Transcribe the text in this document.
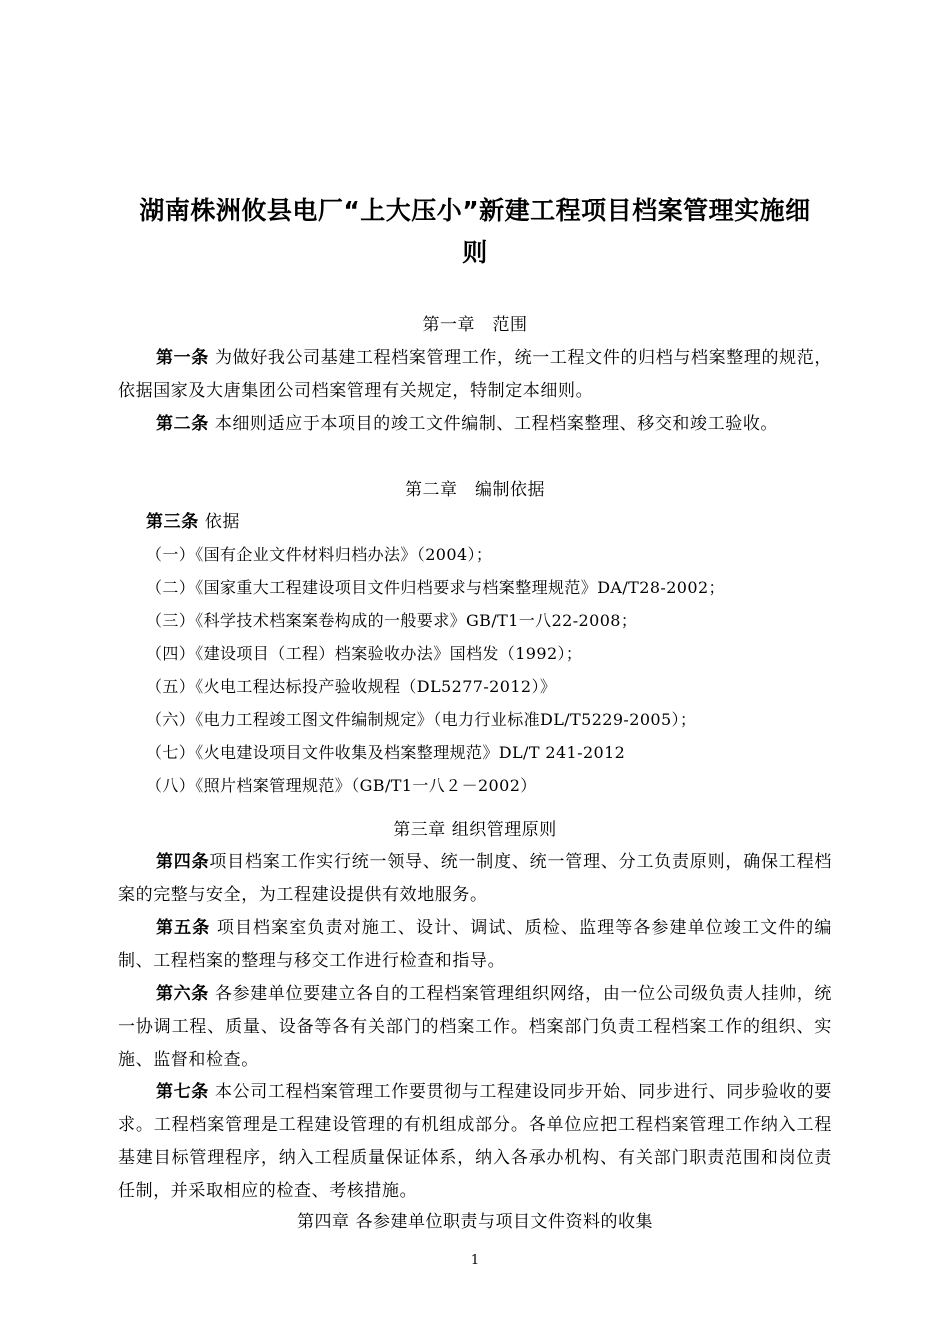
湖南株洲攸县电厂“上大压小”新建工程项目档案管理实施细
则
第一章　范围
第一条 为做好我公司基建工程档案管理工作，统一工程文件的归档与档案整理的规范，依据国家及大唐集团公司档案管理有关规定，特制定本细则。
第二条 本细则适应于本项目的竣工文件编制、工程档案整理、移交和竣工验收。
第二章　编制依据
第三条 依据
（一）《国有企业文件材料归档办法》（2004）；
（二）《国家重大工程建设项目文件归档要求与档案整理规范》DA/T28-2002；
（三）《科学技术档案案卷构成的一般要求》GB/T1一八22-2008；
（四）《建设项目（工程）档案验收办法》国档发（1992）；
（五）《火电工程达标投产验收规程（DL5277-2012）》
（六）《电力工程竣工图文件编制规定》（电力行业标准DL/T5229-2005）；
（七）《火电建设项目文件收集及档案整理规范》DL/T 241-2012
（八）《照片档案管理规范》（GB/T1一八２－2002）
第三章 组织管理原则
第四条项目档案工作实行统一领导、统一制度、统一管理、分工负责原则，确保工程档案的完整与安全，为工程建设提供有效地服务。
第五条 项目档案室负责对施工、设计、调试、质检、监理等各参建单位竣工文件的编制、工程档案的整理与移交工作进行检查和指导。
第六条 各参建单位要建立各自的工程档案管理组织网络，由一位公司级负责人挂帅，统一协调工程、质量、设备等各有关部门的档案工作。档案部门负责工程档案工作的组织、实施、监督和检查。
第七条 本公司工程档案管理工作要贯彻与工程建设同步开始、同步进行、同步验收的要求。工程档案管理是工程建设管理的有机组成部分。各单位应把工程档案管理工作纳入工程基建目标管理程序，纳入工程质量保证体系，纳入各承办机构、有关部门职责范围和岗位责任制，并采取相应的检查、考核措施。
第四章 各参建单位职责与项目文件资料的收集
1
